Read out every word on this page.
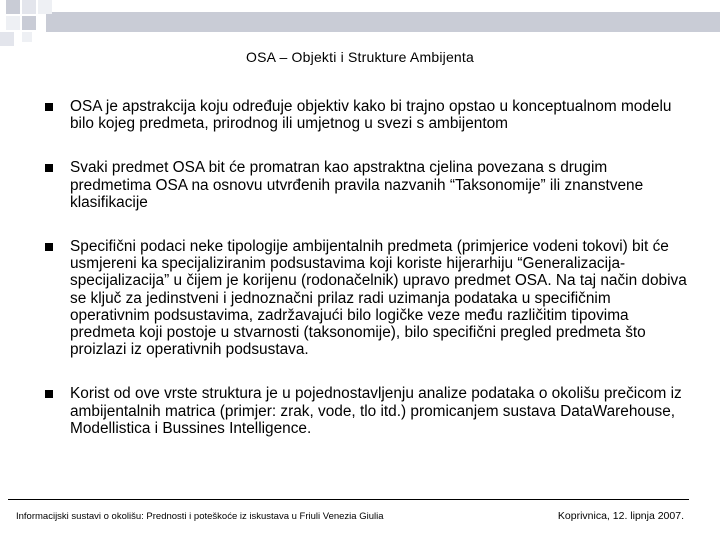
OSA – Objekti i Strukture Ambijenta
OSA je apstrakcija koju određuje objektiv kako bi trajno opstao u konceptualnom modelu bilo kojeg predmeta, prirodnog ili umjetnog u svezi s ambijentom
Svaki predmet OSA bit će promatran kao apstraktna cjelina povezana s drugim predmetima OSA na osnovu utvrđenih pravila nazvanih “Taksonomije” ili znanstvene klasifikacije
Specifični podaci neke tipologije ambijentalnih predmeta (primjerice vodeni tokovi) bit će usmjereni ka specijaliziranim podsustavima koji koriste hijerarhiju “Generalizacija-specijalizacija” u čijem je korijenu (rodonačelnik) upravo predmet OSA. Na taj način dobiva se ključ za jedinstveni i jednoznačni prilaz radi uzimanja podataka u specifičnim operativnim podsustavima, zadržavajući bilo logičke veze među različitim tipovima predmeta koji postoje u stvarnosti (taksonomije), bilo specifični pregled predmeta što proizlazi iz operativnih podsustava.
Korist od ove vrste struktura je u pojednostavljenju analize podataka o okolišu prečicom iz ambijentalnih matrica (primjer: zrak, vode, tlo itd.) promicanjem sustava DataWarehouse, Modellistica i Bussines Intelligence.
Informacijski sustavi o okolišu: Prednosti i poteškoće iz iskustava u Friuli Venezia Giulia	Koprivnica, 12. lipnja 2007.
